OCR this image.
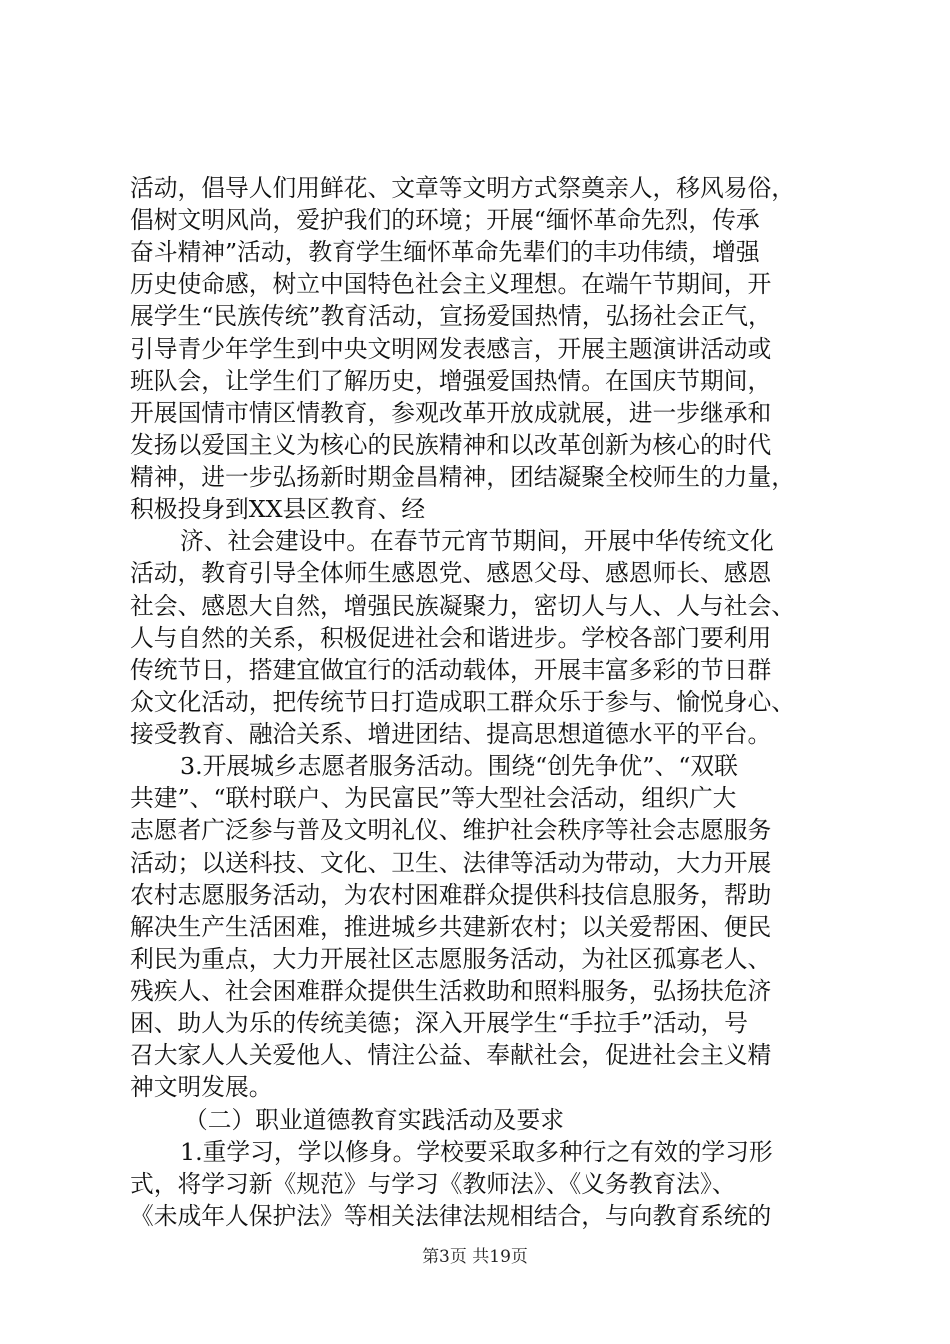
活动，倡导人们用鲜花、文章等文明方式祭奠亲人，移风易俗，
倡树文明风尚，爱护我们的环境；开展“缅怀革命先烈，传承
奋斗精神”活动，教育学生缅怀革命先辈们的丰功伟绩，增强
历史使命感，树立中国特色社会主义理想。在端午节期间，开
展学生“民族传统”教育活动，宣扬爱国热情，弘扬社会正气，
引导青少年学生到中央文明网发表感言，开展主题演讲活动或
班队会，让学生们了解历史，增强爱国热情。在国庆节期间，
开展国情市情区情教育，参观改革开放成就展，进一步继承和
发扬以爱国主义为核心的民族精神和以改革创新为核心的时代
精神，进一步弘扬新时期金昌精神，团结凝聚全校师生的力量，
积极投身到XX县区教育、经
济、社会建设中。在春节元宵节期间，开展中华传统文化
活动，教育引导全体师生感恩党、感恩父母、感恩师长、感恩
社会、感恩大自然，增强民族凝聚力，密切人与人、人与社会、
人与自然的关系，积极促进社会和谐进步。学校各部门要利用
传统节日，搭建宜做宜行的活动载体，开展丰富多彩的节日群
众文化活动，把传统节日打造成职工群众乐于参与、愉悦身心、
接受教育、融洽关系、增进团结、提高思想道德水平的平台。
3.开展城乡志愿者服务活动。围绕“创先争优”、“双联
共建”、“联村联户、为民富民”等大型社会活动，组织广大
志愿者广泛参与普及文明礼仪、维护社会秩序等社会志愿服务
活动；以送科技、文化、卫生、法律等活动为带动，大力开展
农村志愿服务活动，为农村困难群众提供科技信息服务，帮助
解决生产生活困难，推进城乡共建新农村；以关爱帮困、便民
利民为重点，大力开展社区志愿服务活动，为社区孤寡老人、
残疾人、社会困难群众提供生活救助和照料服务，弘扬扶危济
困、助人为乐的传统美德；深入开展学生“手拉手”活动，号
召大家人人关爱他人、情注公益、奉献社会，促进社会主义精
神文明发展。
（二）职业道德教育实践活动及要求
1.重学习，学以修身。学校要采取多种行之有效的学习形
式，将学习新《规范》与学习《教师法》、《义务教育法》、
《未成年人保护法》等相关法律法规相结合，与向教育系统的
第3页 共19页
